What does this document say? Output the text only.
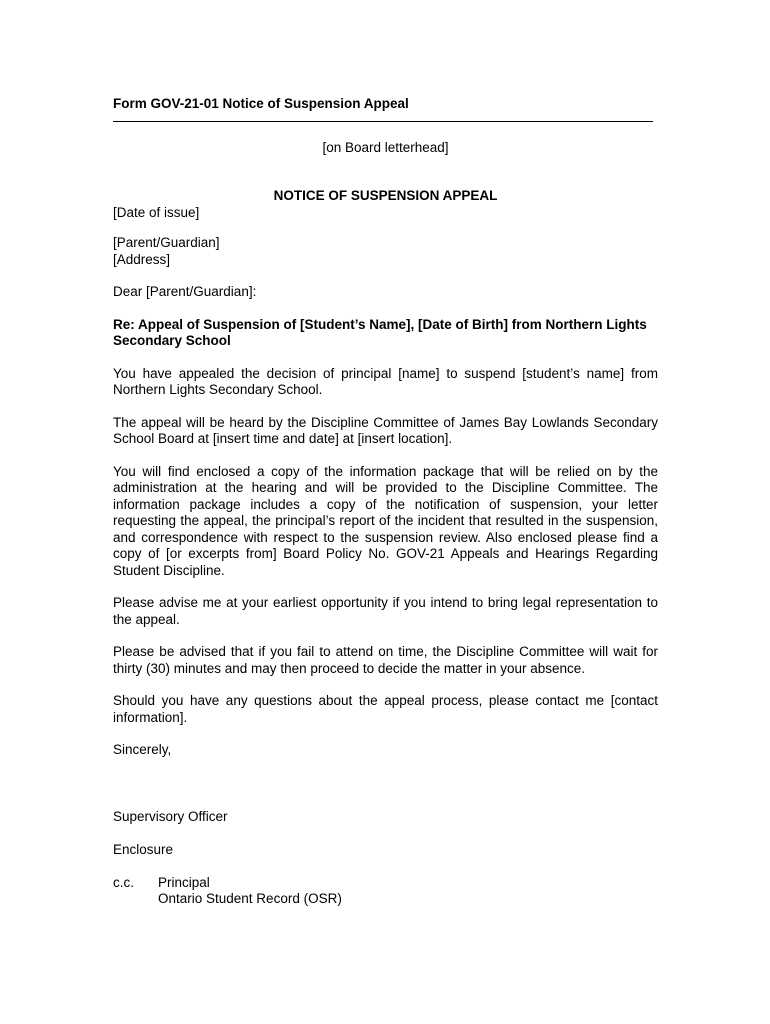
Form GOV-21-01 Notice of Suspension Appeal
[on Board letterhead]
NOTICE OF SUSPENSION APPEAL
[Date of issue]
[Parent/Guardian]
[Address]
Dear [Parent/Guardian]:
Re: Appeal of Suspension of [Student’s Name], [Date of Birth] from Northern Lights Secondary School

You have appealed the decision of principal [name] to suspend [student’s name] from Northern Lights Secondary School.

The appeal will be heard by the Discipline Committee of James Bay Lowlands Secondary School Board at [insert time and date] at [insert location].

You will find enclosed a copy of the information package that will be relied on by the administration at the hearing and will be provided to the Discipline Committee. The information package includes a copy of the notification of suspension, your letter requesting the appeal, the principal’s report of the incident that resulted in the suspension, and correspondence with respect to the suspension review. Also enclosed please find a copy of [or excerpts from] Board Policy No. GOV-21 Appeals and Hearings Regarding Student Discipline.

Please advise me at your earliest opportunity if you intend to bring legal representation to the appeal.

Please be advised that if you fail to attend on time, the Discipline Committee will wait for thirty (30) minutes and may then proceed to decide the matter in your absence.

Should you have any questions about the appeal process, please contact me [contact information].

Sincerely,
Supervisory Officer
Enclosure
c.c.	Principal
Ontario Student Record (OSR)
